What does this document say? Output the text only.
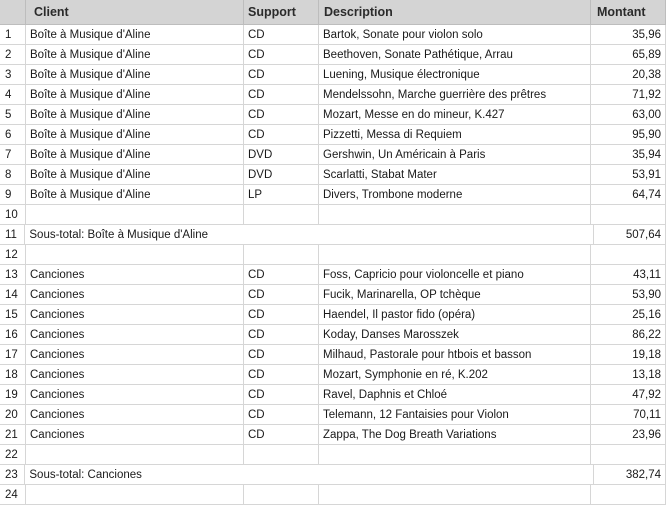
Client	Support	Description	Montant
1	Boîte à Musique d'Aline	CD	Bartok, Sonate pour violon solo	35,96
2	Boîte à Musique d'Aline	CD	Beethoven, Sonate Pathétique, Arrau	65,89
3	Boîte à Musique d'Aline	CD	Luening, Musique électronique	20,38
4	Boîte à Musique d'Aline	CD	Mendelssohn, Marche guerrière des prêtres	71,92
5	Boîte à Musique d'Aline	CD	Mozart, Messe en do mineur, K.427	63,00
6	Boîte à Musique d'Aline	CD	Pizzetti, Messa di Requiem	95,90
7	Boîte à Musique d'Aline	DVD	Gershwin, Un Américain à Paris	35,94
8	Boîte à Musique d'Aline	DVD	Scarlatti, Stabat Mater	53,91
9	Boîte à Musique d'Aline	LP	Divers, Trombone moderne	64,74
10
11	Sous-total: Boîte à Musique d'Aline	507,64
12
13	Canciones	CD	Foss, Capricio pour violoncelle et piano	43,11
14	Canciones	CD	Fucik, Marinarella, OP tchèque	53,90
15	Canciones	CD	Haendel, Il pastor fido (opéra)	25,16
16	Canciones	CD	Koday, Danses Marosszek	86,22
17	Canciones	CD	Milhaud, Pastorale pour htbois et basson	19,18
18	Canciones	CD	Mozart, Symphonie en ré, K.202	13,18
19	Canciones	CD	Ravel, Daphnis et Chloé	47,92
20	Canciones	CD	Telemann, 12 Fantaisies pour Violon	70,11
21	Canciones	CD	Zappa, The Dog Breath Variations	23,96
22
23	Sous-total: Canciones	382,74
24
